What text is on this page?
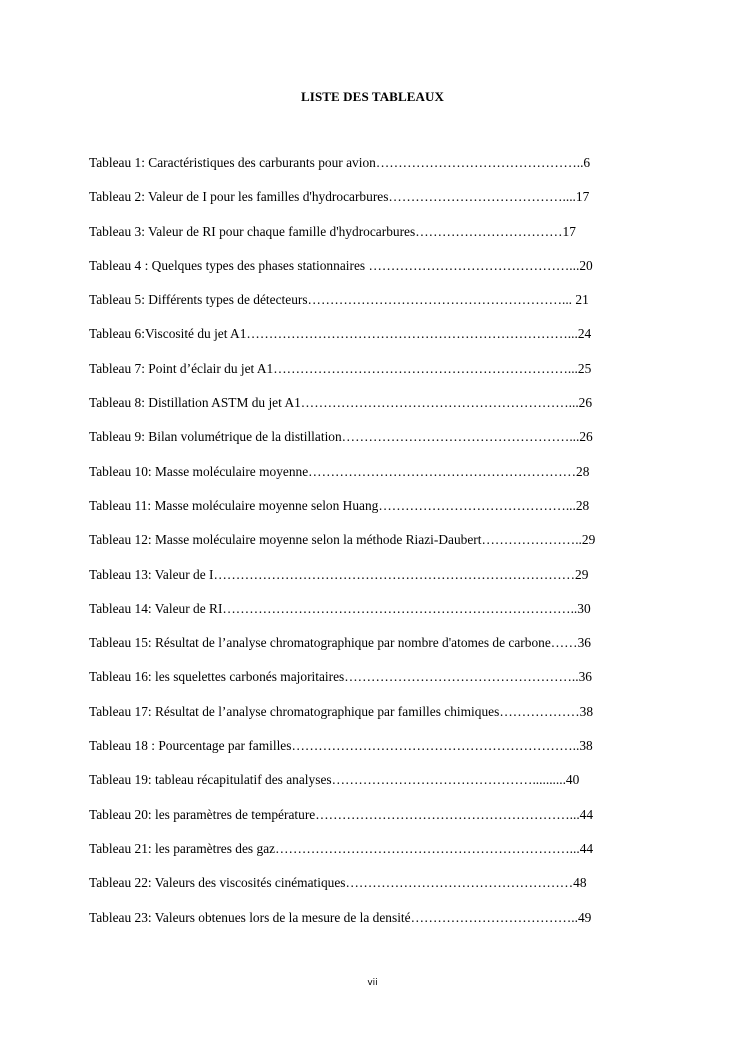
LISTE DES TABLEAUX
Tableau 1: Caractéristiques des carburants pour avion………………………………………..6
Tableau 2: Valeur de I pour les familles d'hydrocarbures…………………………………....17
Tableau 3: Valeur de RI pour chaque famille d'hydrocarbures……………………………17
Tableau 4 : Quelques types des phases stationnaires ………………………………………...20
Tableau 5: Différents types de détecteurs…………………………………………………... 21
Tableau 6:Viscosité du jet A1………………………………………………………………...24
Tableau 7: Point d’éclair du jet A1…………………………………………………………...25
Tableau 8: Distillation ASTM du jet A1……………………………………………………...26
Tableau 9: Bilan volumétrique de la distillation……………………………………………...26
Tableau 10: Masse moléculaire moyenne……………………………………………………28
Tableau 11: Masse moléculaire moyenne selon Huang……………………………………...28
Tableau 12: Masse moléculaire moyenne selon la méthode Riazi-Daubert…………………..29
Tableau 13: Valeur de I………………………………………………………………………29
Tableau 14: Valeur de RI……………………………………………………………………..30
Tableau 15: Résultat de l’analyse chromatographique par nombre d'atomes de carbone……36
Tableau 16: les squelettes carbonés majoritaires……………………………………………..36
Tableau 17: Résultat de l’analyse chromatographique par familles chimiques………………38
Tableau 18 : Pourcentage par familles………………………………………………………..38
Tableau 19: tableau récapitulatif des analyses………………………………………..........40
Tableau 20: les paramètres de température…………………………………………………...44
Tableau 21: les paramètres des gaz…………………………………………………………...44
Tableau 22: Valeurs des viscosités cinématiques……………………………………………48
Tableau 23: Valeurs obtenues lors de la mesure de la densité………………………………..49
vii
